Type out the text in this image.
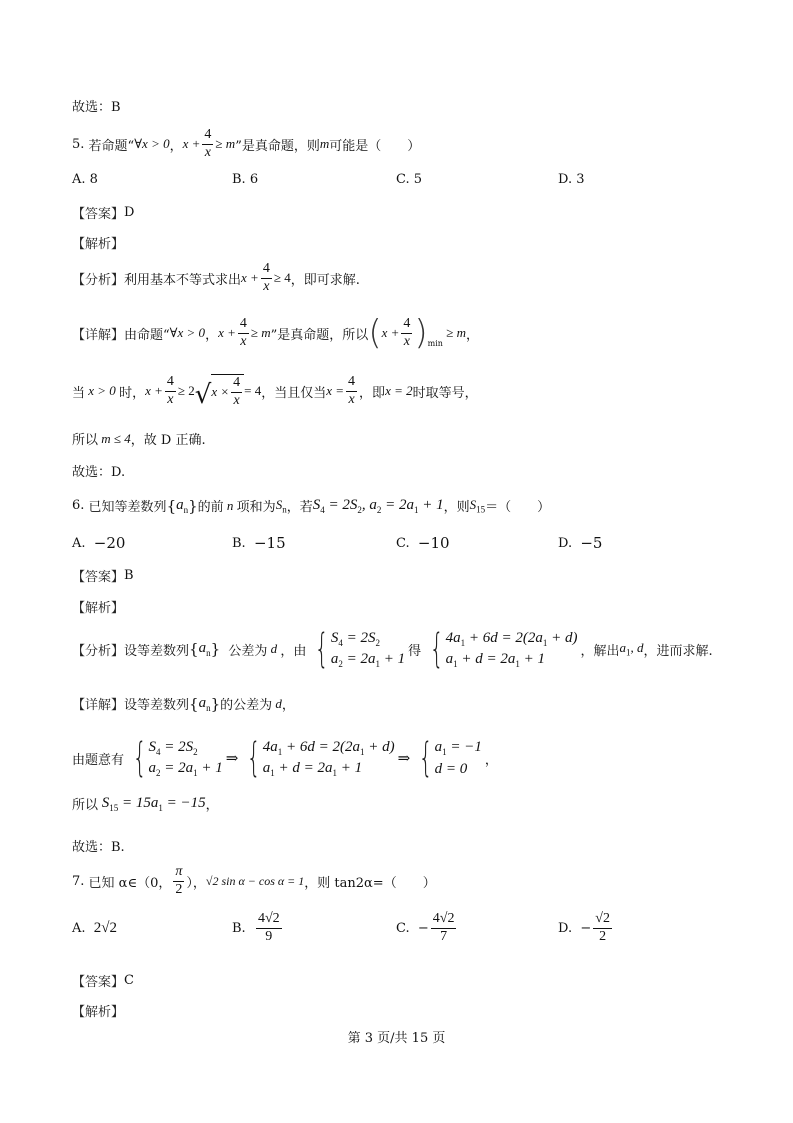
故选：B
5.
若命题“ ∀x > 0 ， $x + \frac{4}{x} \ge m$ ”是真命题，则 m 可能是（　　）
A. 8	B. 6	C. 5	D. 3
【答案】 D
【解析】
【分析】 利用基本不等式求出 $x + \frac{4}{x} \ge 4$ ，即可求解.
【详解】 由命题“ ∀x > 0 ， $x + \frac{4}{x} \ge m$ ”是真命题，所以 ( $x + \frac{4}{x}$ ) min
≥ m ，
当 x > 0 时， $x + \frac{4}{x} \ge 2$ √ $x \times \frac{4}{x} = 4$ ，当且仅当 $x = \frac{4}{x}$ ，即 x = 2 时取等号，
所以 m ≤ 4 ，故 D 正确.
故选：D.
6.
已知等差数列 { $a_n$ } 的前 n 项和为 $S_n$ ，若 $S_4 = 2S_2$, $a_2 = 2a_1 + 1$ ，则 $S_{15}$ ＝（　　）
A.
−20	B.
−15	C.
−10	D.
−5
【答案】 B
【解析】
【分析】 设等差数列 { $a_n$ }
公差为 d ，由 { $S_4 = 2S_2$
$a_2 = 2a_1 + 1$ 得 { $4a_1 + 6d = 2(2a_1 + d)$
$a_1 + d = 2a_1 + 1$	，解出 $a_1$, d ，进而求解.
【详解】 设等差数列 { $a_n$ } 的公差为 d ，
由题意有 { $S_4 = 2S_2$
$a_2 = 2a_1 + 1$
⇒ { $4a_1 + 6d = 2(2a_1 + d)$
$a_1 + d = 2a_1 + 1$
⇒ { $a_1 = -1$
d = 0
，
所以 $S_{15} = 15a_1 = -15$ ，
故选：B.
7.
已知 α∈（0， $\frac{\pi}{2}$ ）， √2 sin α − cos α = 1 ，则 tan2α=（　　）
A.
2√2	B.
$\frac{4√2}{9}$	C.
− $\frac{4√2}{7}$	D.
− $\frac{√2}{2}$
【答案】 C
【解析】
第 3 页/共 15 页
